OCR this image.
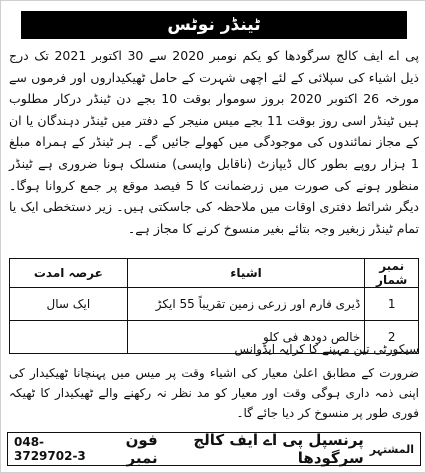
ٹینڈر نوٹس
پی اے ایف کالج سرگودھا کو یکم نومبر 2020 سے 30 اکتوبر 2021 تک درج ذیل اشیاء کی سپلائی کے لئے اچھی شہرت کے حامل ٹھیکیداروں اور فرموں سے مورخہ 26 اکتوبر 2020 بروز سوموار بوقت 10 بجے دن ٹینڈر درکار مطلوب ہیں ٹینڈر اسی روز بوقت 11 بجے میس منیجر کے دفتر میں ٹینڈر دہندگان یا ان کے مجاز نمائندوں کی موجودگی میں کھولے جائیں گے۔ ہر ٹینڈر کے ہمراہ مبلغ 1 ہزار روپے بطور کال ڈیپازٹ (ناقابل واپسی) منسلک ہونا ضروری ہے ٹینڈر منظور ہونے کی صورت میں زرضمانت کا 5 فیصد موقع پر جمع کروانا ہوگا۔ دیگر شرائط دفتری اوقات میں ملاحظہ کی جاسکتی ہیں۔ زیر دستخطی ایک یا تمام ٹینڈر زبغیر وجہ بتائے بغیر منسوخ کرنے کا مجاز ہے۔
نمبر شمار	اشیاء	عرصہ امدت
1	ڈیری فارم اور زرعی زمین تقریباً 55 ایکڑ	ایک سال
2	خالص دودھ فی کلو	
سیکورٹی تین مہینے کا کرایہ ایڈوانس
ضرورت کے مطابق اعلیٰ معیار کی اشیاء وقت پر میس میں پہنچانا ٹھیکیدار کی اپنی ذمہ داری ہوگی وقت اور معیار کو مد نظر نہ رکھنے والے ٹھیکیدار کا ٹھیکہ فوری طور پر منسوخ کر دیا جائے گا۔
048-3729702-3	المشتہر
پرنسپل پی اے ایف کالج سرگودھا
فون نمبر
